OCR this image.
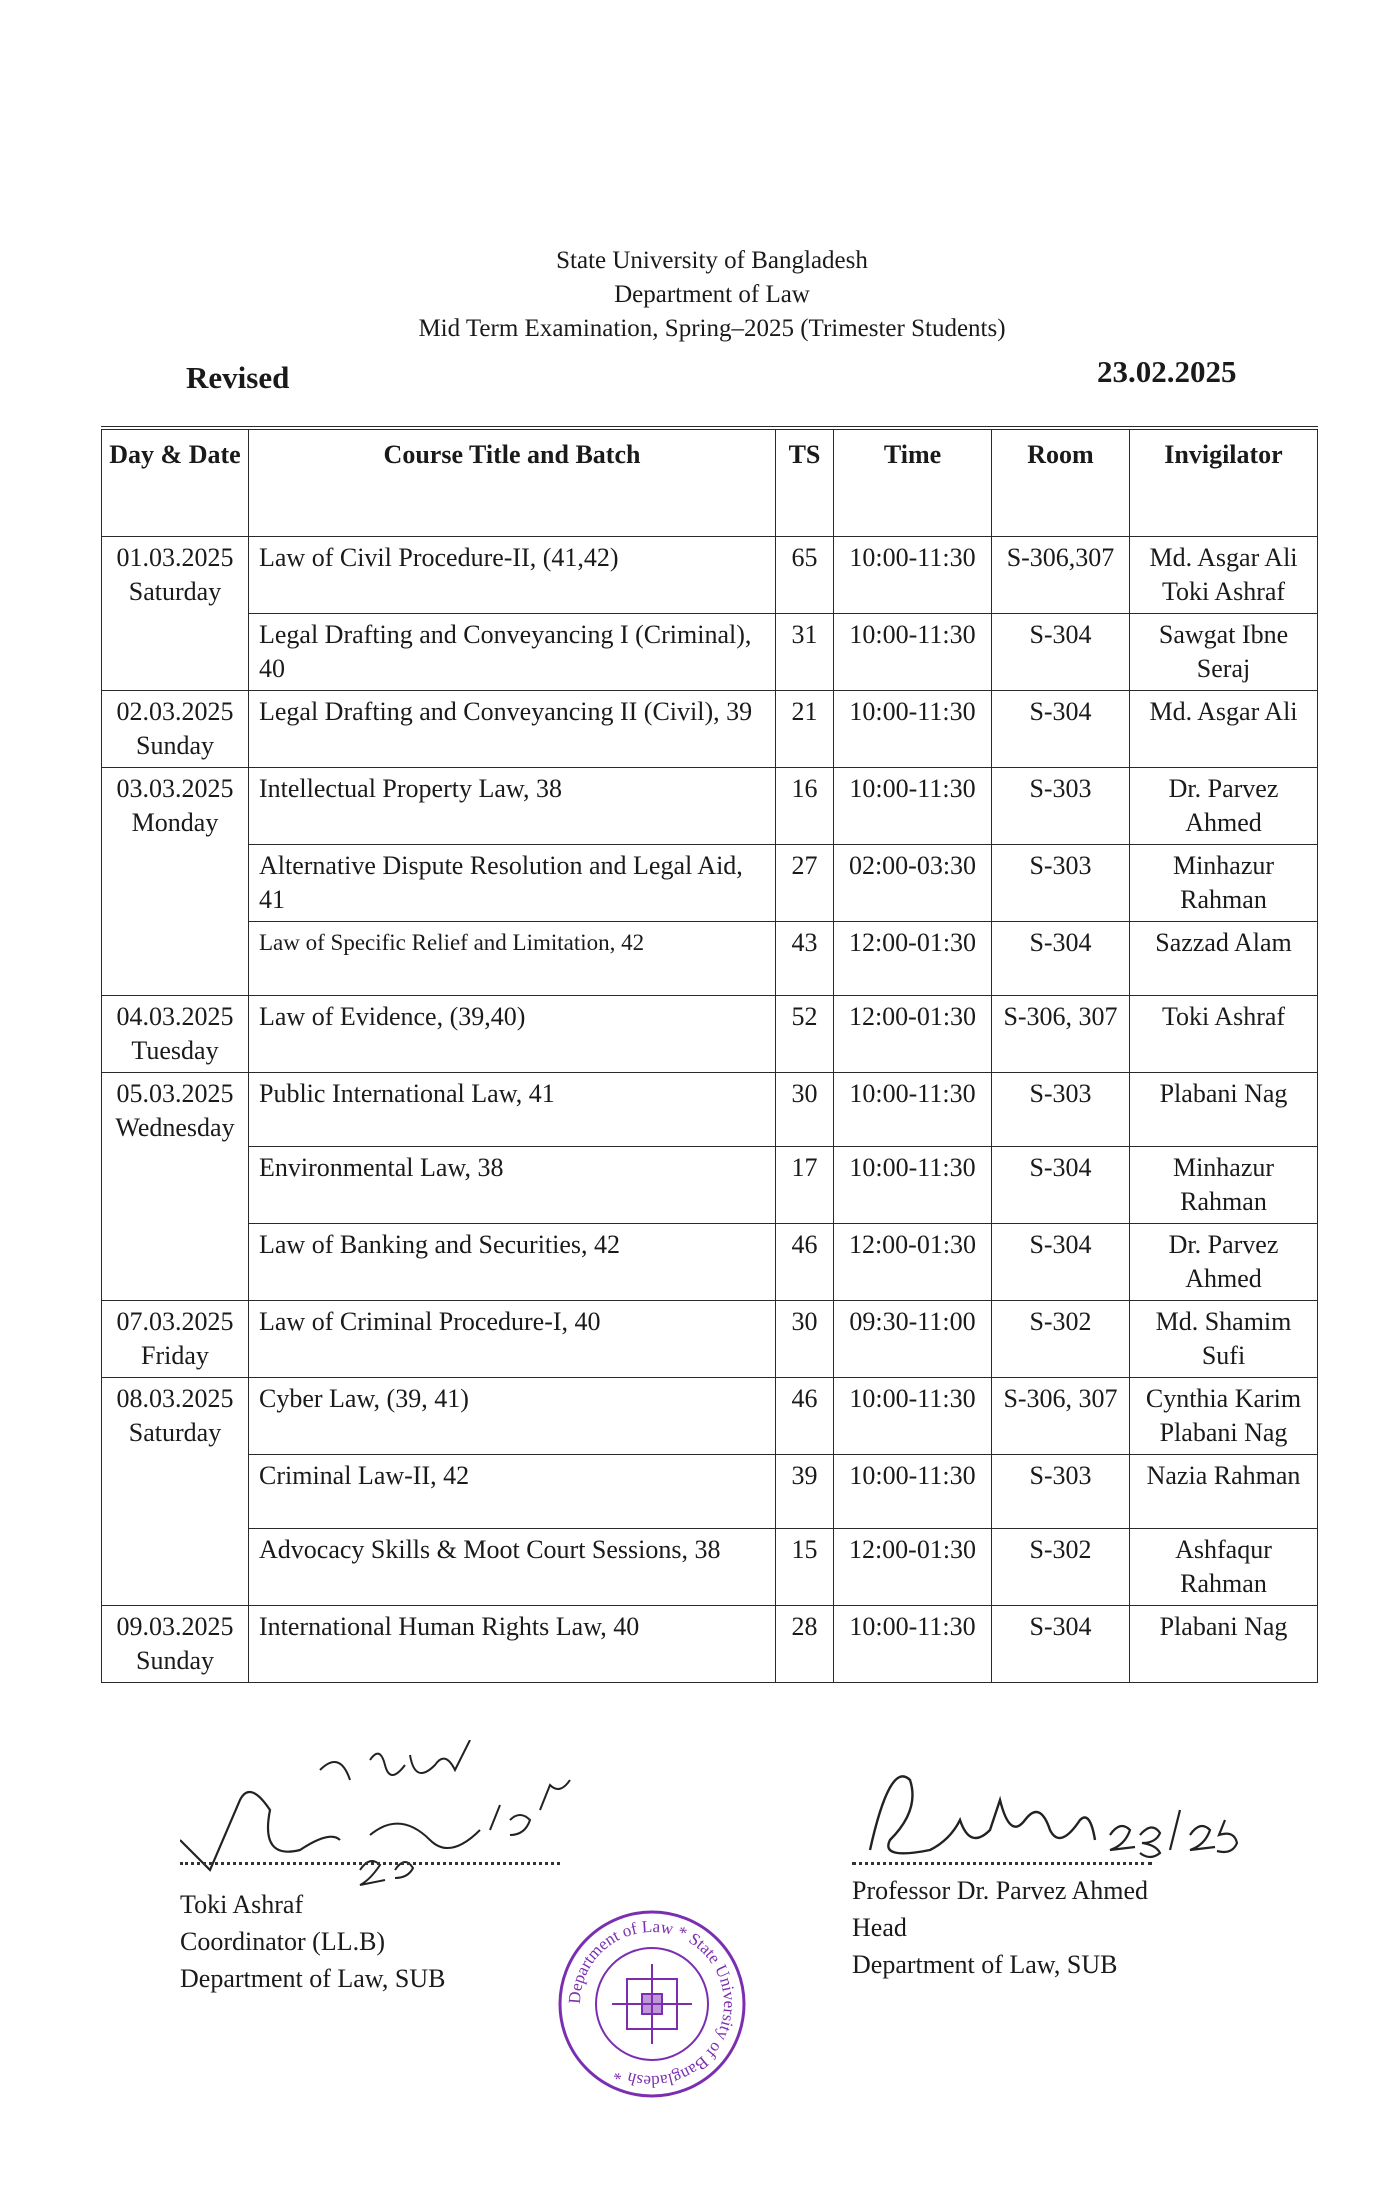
State University of Bangladesh
Department of Law
Mid Term Examination, Spring–2025 (Trimester Students)
Revised	23.02.2025
Day & Date	Course Title and Batch	TS	Time	Room	Invigilator

01.03.2025
Saturday	Law of Civil Procedure-II, (41,42)	65	10:00-11:30	S-306,307	Md. Asgar Ali Toki Ashraf
	Legal Drafting and Conveyancing I (Criminal), 40	31	10:00-11:30	S-304	Sawgat Ibne Seraj

02.03.2025
Sunday	Legal Drafting and Conveyancing II (Civil), 39	21	10:00-11:30	S-304	Md. Asgar Ali

03.03.2025
Monday	Intellectual Property Law, 38	16	10:00-11:30	S-303	Dr. Parvez Ahmed
	Alternative Dispute Resolution and Legal Aid, 41	27	02:00-03:30	S-303	Minhazur Rahman
	Law of Specific Relief and Limitation, 42	43	12:00-01:30	S-304	Sazzad Alam

04.03.2025
Tuesday	Law of Evidence, (39,40)	52	12:00-01:30	S-306, 307	Toki Ashraf

05.03.2025
Wednesday	Public International Law, 41	30	10:00-11:30	S-303	Plabani Nag
	Environmental Law, 38	17	10:00-11:30	S-304	Minhazur Rahman
	Law of Banking and Securities, 42	46	12:00-01:30	S-304	Dr. Parvez Ahmed

07.03.2025
Friday	Law of Criminal Procedure-I, 40	30	09:30-11:00	S-302	Md. Shamim Sufi

08.03.2025
Saturday	Cyber Law, (39, 41)	46	10:00-11:30	S-306, 307	Cynthia Karim Plabani Nag
	Criminal Law-II, 42	39	10:00-11:30	S-303	Nazia Rahman
	Advocacy Skills & Moot Court Sessions, 38	15	12:00-01:30	S-302	Ashfaqur Rahman

09.03.2025
Sunday	International Human Rights Law, 40	28	10:00-11:30	S-304	Plabani Nag
Toki Ashraf
Coordinator (LL.B)
Department of Law, SUB
Professor Dr. Parvez Ahmed
Head
Department of Law, SUB
Department of Law * State University of Bangladesh *
